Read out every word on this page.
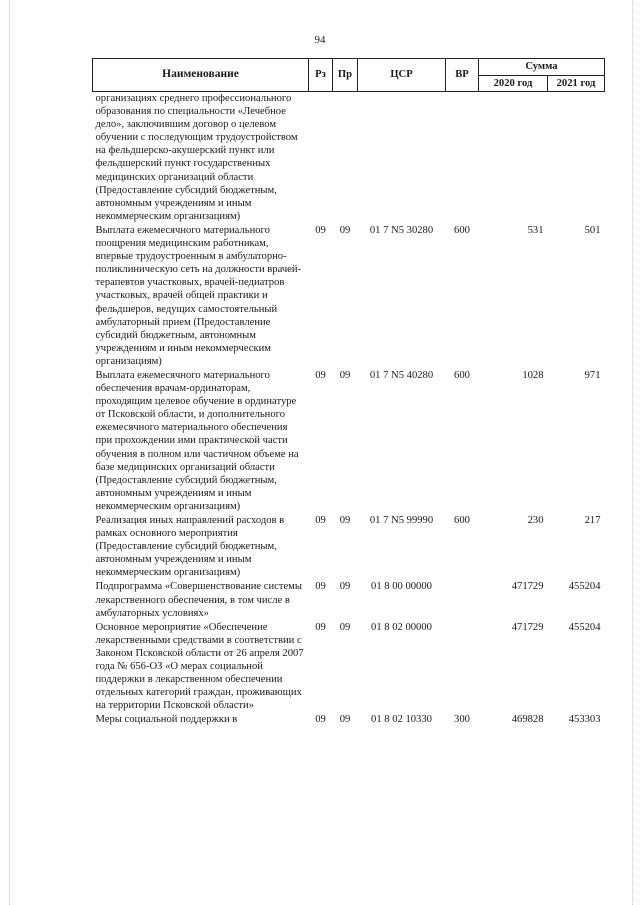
94
Наименование	Рз	Пр	ЦСР	ВР	Сумма	
					2020 год	2021 год
организациях среднего профессионального образования по специальности «Лечебное дело», заключившим договор о целевом обучении с последующим трудоустройством на фельдшерско-акушерский пункт или фельдшерский пункт государственных медицинских организаций области (Предоставление субсидий бюджетным, автономным учреждениям и иным некоммерческим организациям)						
Выплата ежемесячного материального поощрения медицинским работникам, впервые трудоустроенным в амбулаторно-поликлиническую сеть на должности врачей-терапевтов участковых, врачей-педиатров участковых, врачей общей практики и фельдшеров, ведущих самостоятельный амбулаторный прием (Предоставление субсидий бюджетным, автономным учреждениям и иным некоммерческим организациям)	09	09	01 7 N5 30280	600	531	501
Выплата ежемесячного материального обеспечения врачам-ординаторам, проходящим целевое обучение в ординатуре от Псковской области, и дополнительного ежемесячного материального обеспечения при прохождении ими практической части обучения в полном или частичном объеме на базе медицинских организаций области (Предоставление субсидий бюджетным, автономным учреждениям и иным некоммерческим организациям)	09	09	01 7 N5 40280	600	1028	971
Реализация иных направлений расходов в рамках основного мероприятия (Предоставление субсидий бюджетным, автономным учреждениям и иным некоммерческим организациям)	09	09	01 7 N5 99990	600	230	217
Подпрограмма «Совершенствование системы лекарственного обеспечения, в том числе в амбулаторных условиях»	09	09	01 8 00 00000		471729	455204
Основное мероприятие «Обеспечение лекарственными средствами в соответствии с Законом Псковской области от 26 апреля 2007 года № 656-ОЗ «О мерах социальной поддержки в лекарственном обеспечении отдельных категорий граждан, проживающих на территории Псковской области»	09	09	01 8 02 00000		471729	455204
Меры социальной поддержки в	09	09	01 8 02 10330	300	469828	453303
